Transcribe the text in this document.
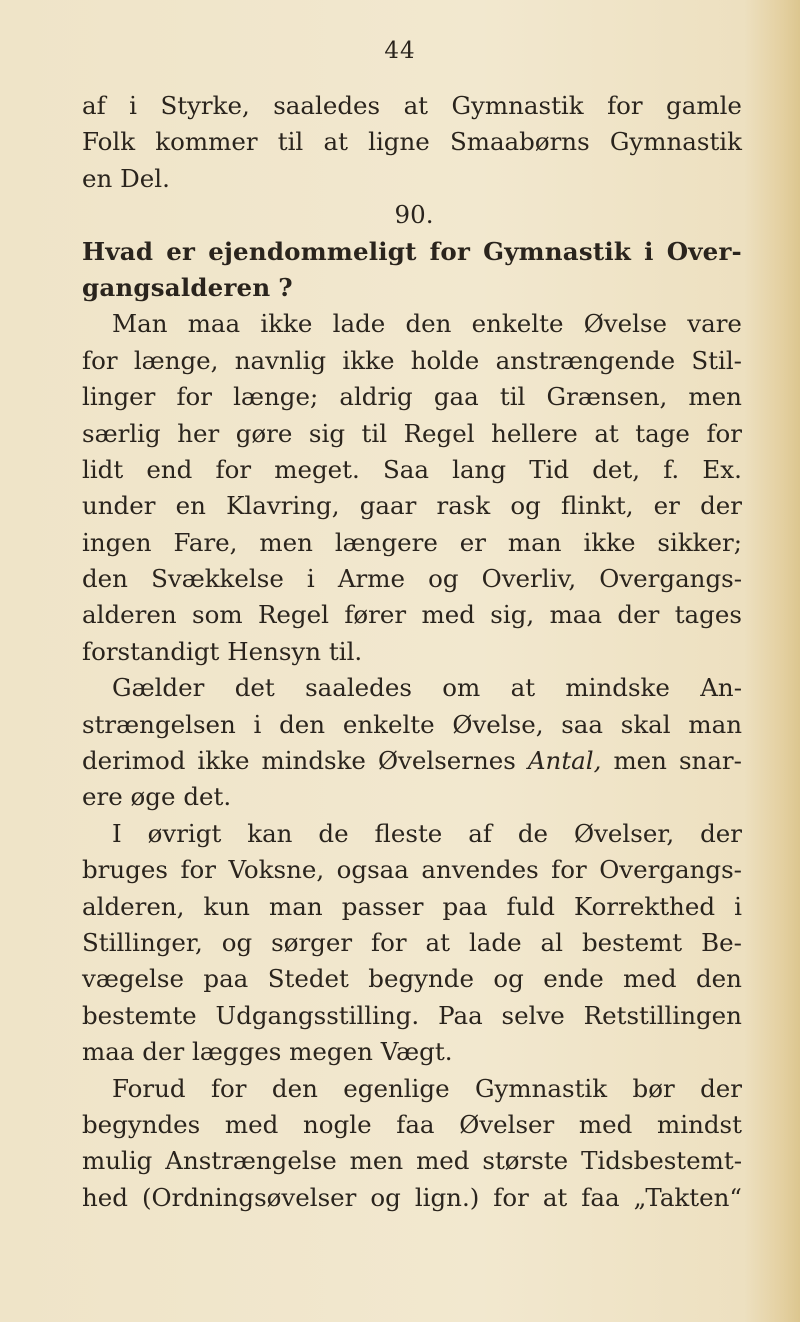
44
af i Styrke, saaledes at Gymnastik for gamle
Folk kommer til at ligne Smaabørns Gymnastik
en Del.
90.
Hvad er ejendommeligt for Gymnastik i Over-
gangsalderen ?
Man maa ikke lade den enkelte Øvelse vare
for længe, navnlig ikke holde anstrængende Stil-
linger for længe; aldrig gaa til Grænsen, men
særlig her gøre sig til Regel hellere at tage for
lidt end for meget. Saa lang Tid det, f. Ex.
under en Klavring, gaar rask og flinkt, er der
ingen Fare, men længere er man ikke sikker;
den Svækkelse i Arme og Overliv, Overgangs-
alderen som Regel fører med sig, maa der tages
forstandigt Hensyn til.
Gælder det saaledes om at mindske An-
strængelsen i den enkelte Øvelse, saa skal man
derimod ikke mindske Øvelsernes Antal, men snar-
ere øge det.
I øvrigt kan de fleste af de Øvelser, der
bruges for Voksne, ogsaa anvendes for Overgangs-
alderen, kun man passer paa fuld Korrekthed i
Stillinger, og sørger for at lade al bestemt Be-
vægelse paa Stedet begynde og ende med den
bestemte Udgangsstilling. Paa selve Retstillingen
maa der lægges megen Vægt.
Forud for den egenlige Gymnastik bør der
begyndes med nogle faa Øvelser med mindst
mulig Anstrængelse men med største Tidsbestemt-
hed (Ordningsøvelser og lign.) for at faa „Takten“
